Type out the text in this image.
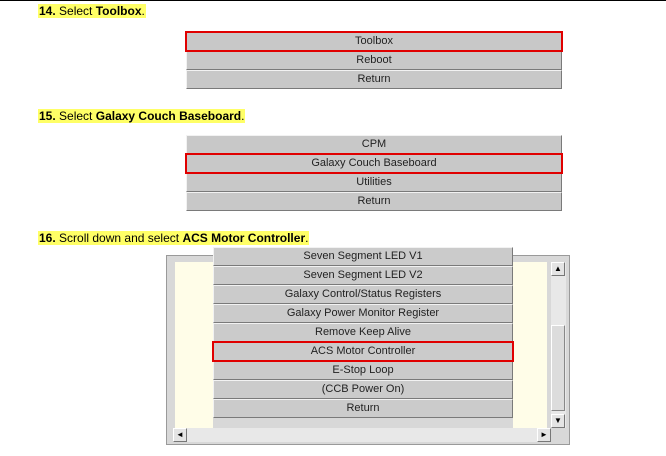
14. Select Toolbox.
Toolbox
Reboot
Return
15. Select Galaxy Couch Baseboard.
CPM
Galaxy Couch Baseboard
Utilities
Return
16. Scroll down and select ACS Motor Controller.
Seven Segment LED V1
Seven Segment LED V2
Galaxy Control/Status Registers
Galaxy Power Monitor Register
Remove Keep Alive
ACS Motor Controller
E-Stop Loop
(CCB Power On)
Return
▲
▼
◄	►
